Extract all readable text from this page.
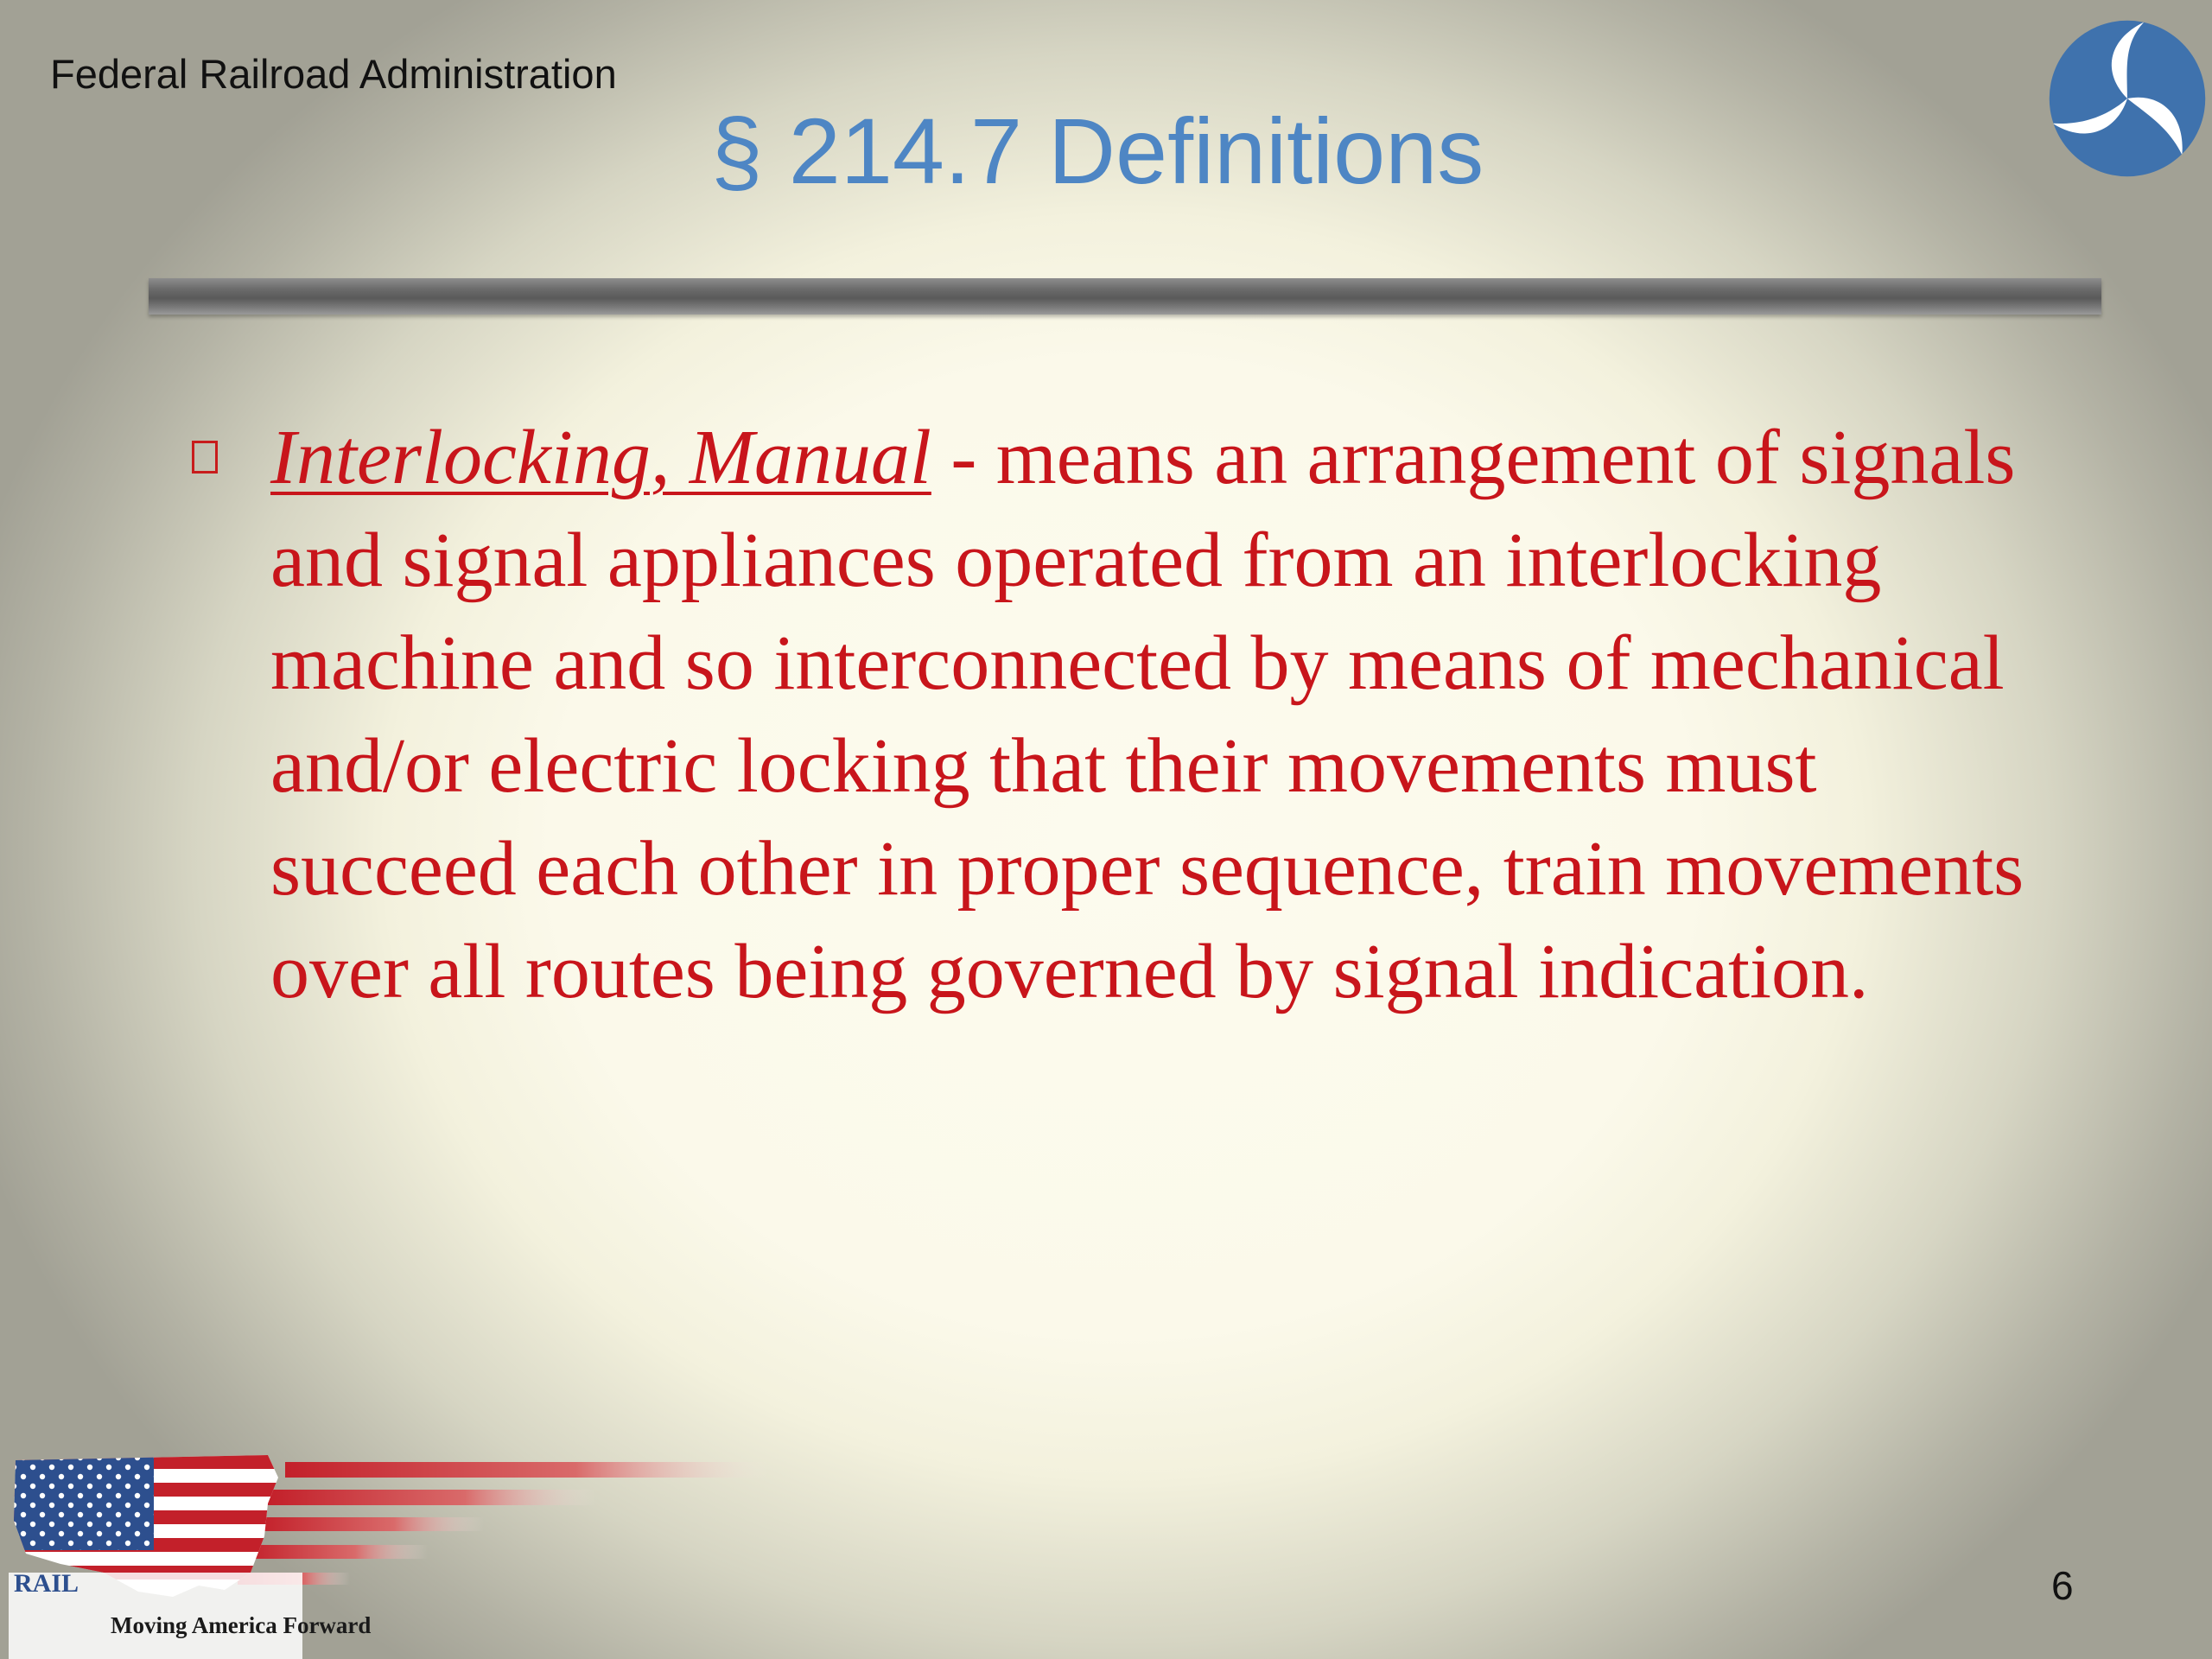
Federal Railroad Administration
§ 214.7 Definitions
Interlocking, Manual - means an arrangement of signals and signal appliances operated from an interlocking machine and so interconnected by means of mechanical and/or electric locking that their movements must succeed each other in proper sequence, train movements over all routes being governed by signal indication.
RAIL
Moving America Forward
6
